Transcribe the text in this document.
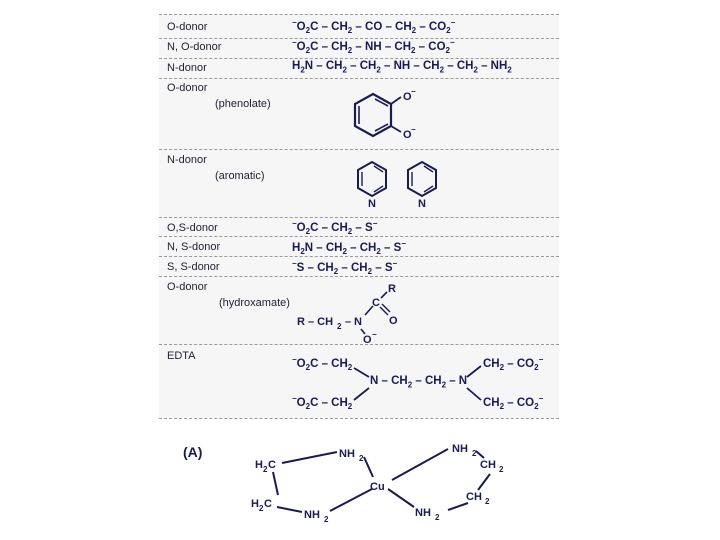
O-donor
N, O-donor
N-donor
O-donor
(phenolate)
N-donor
(aromatic)
O,S-donor
N, S-donor
S, S-donor
O-donor
(hydroxamate)
EDTA
$^-O_2C - CH_2$ – CO – $CH_2 - CO_2^-$
$^-O_2C - CH_2$ – NH – $CH_2 - CO_2^-$
$H_2N - CH_2 - CH_2$ – NH – $CH_2 - CH_2 - NH_2$
$^-O_2C - CH_2 - S^-$
$H_2N - CH_2 - CH_2 - S^-$
$^-S - CH_2 - CH_2 - S^-$
O −
O −
N	N
R – CH 2 – N
C
R
O
O −
$^-O_2C - CH_2$
$^-O_2C - CH_2$
N – $CH_2 - CH_2$ – N
$CH_2 - CO_2^-$
$CH_2 - CO_2^-$
(A)	NH 2
NH 2
NH 2
NH 2
Cu
H 2 C
H 2 C
CH 2
CH 2
